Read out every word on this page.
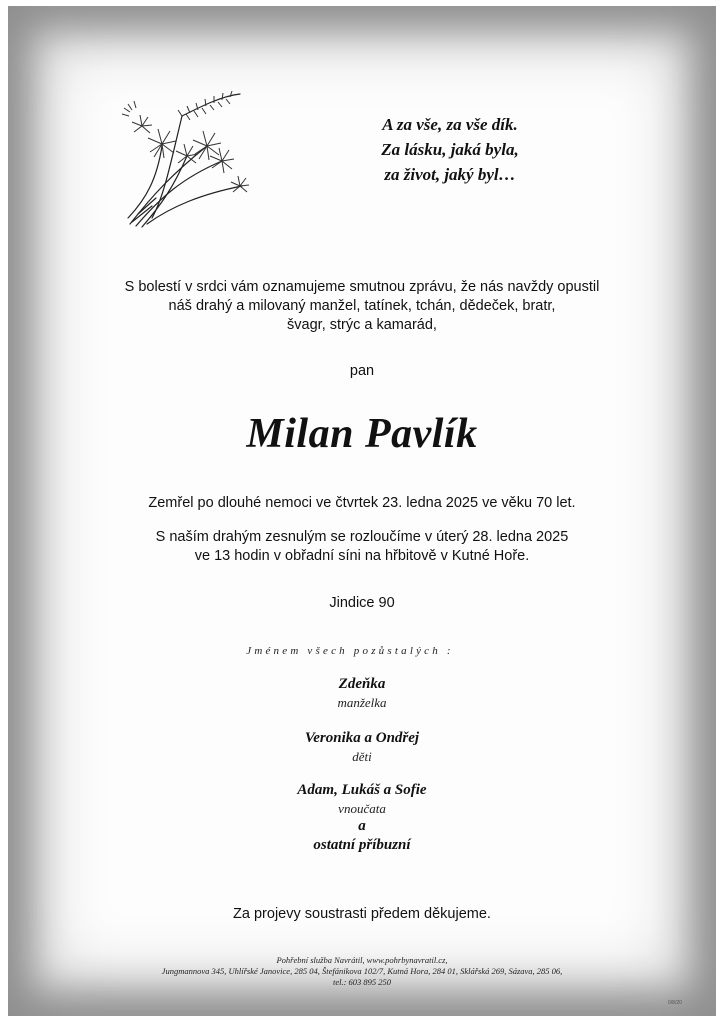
A za vše, za vše dík.
Za lásku, jaká byla,
za život, jaký byl…
S bolestí v srdci vám oznamujeme smutnou zprávu, že nás navždy opustil
náš drahý a milovaný manžel, tatínek, tchán, dědeček, bratr,
švagr, strýc a kamarád,
pan
Milan Pavlík
Zemřel po dlouhé nemoci ve čtvrtek 23. ledna 2025 ve věku 70 let.
S naším drahým zesnulým se rozloučíme v úterý 28. ledna 2025
ve 13 hodin v obřadní síni na hřbitově v Kutné Hoře.
Jindice 90
Jménem všech pozůstalých :
Zdeňka
manželka
Veronika a Ondřej
děti
Adam, Lukáš a Sofie
vnoučata
a
ostatní příbuzní
Za projevy soustrasti předem děkujeme.
Pohřební služba Navrátil, www.pohrbynavratil.cz,
Jungmannova 345, Uhlířské Janovice, 285 04, Štefánikova 102/7, Kutná Hora, 284 01, Sklářská 269, Sázava, 285 06,
tel.: 603 895 250
0/8/20
